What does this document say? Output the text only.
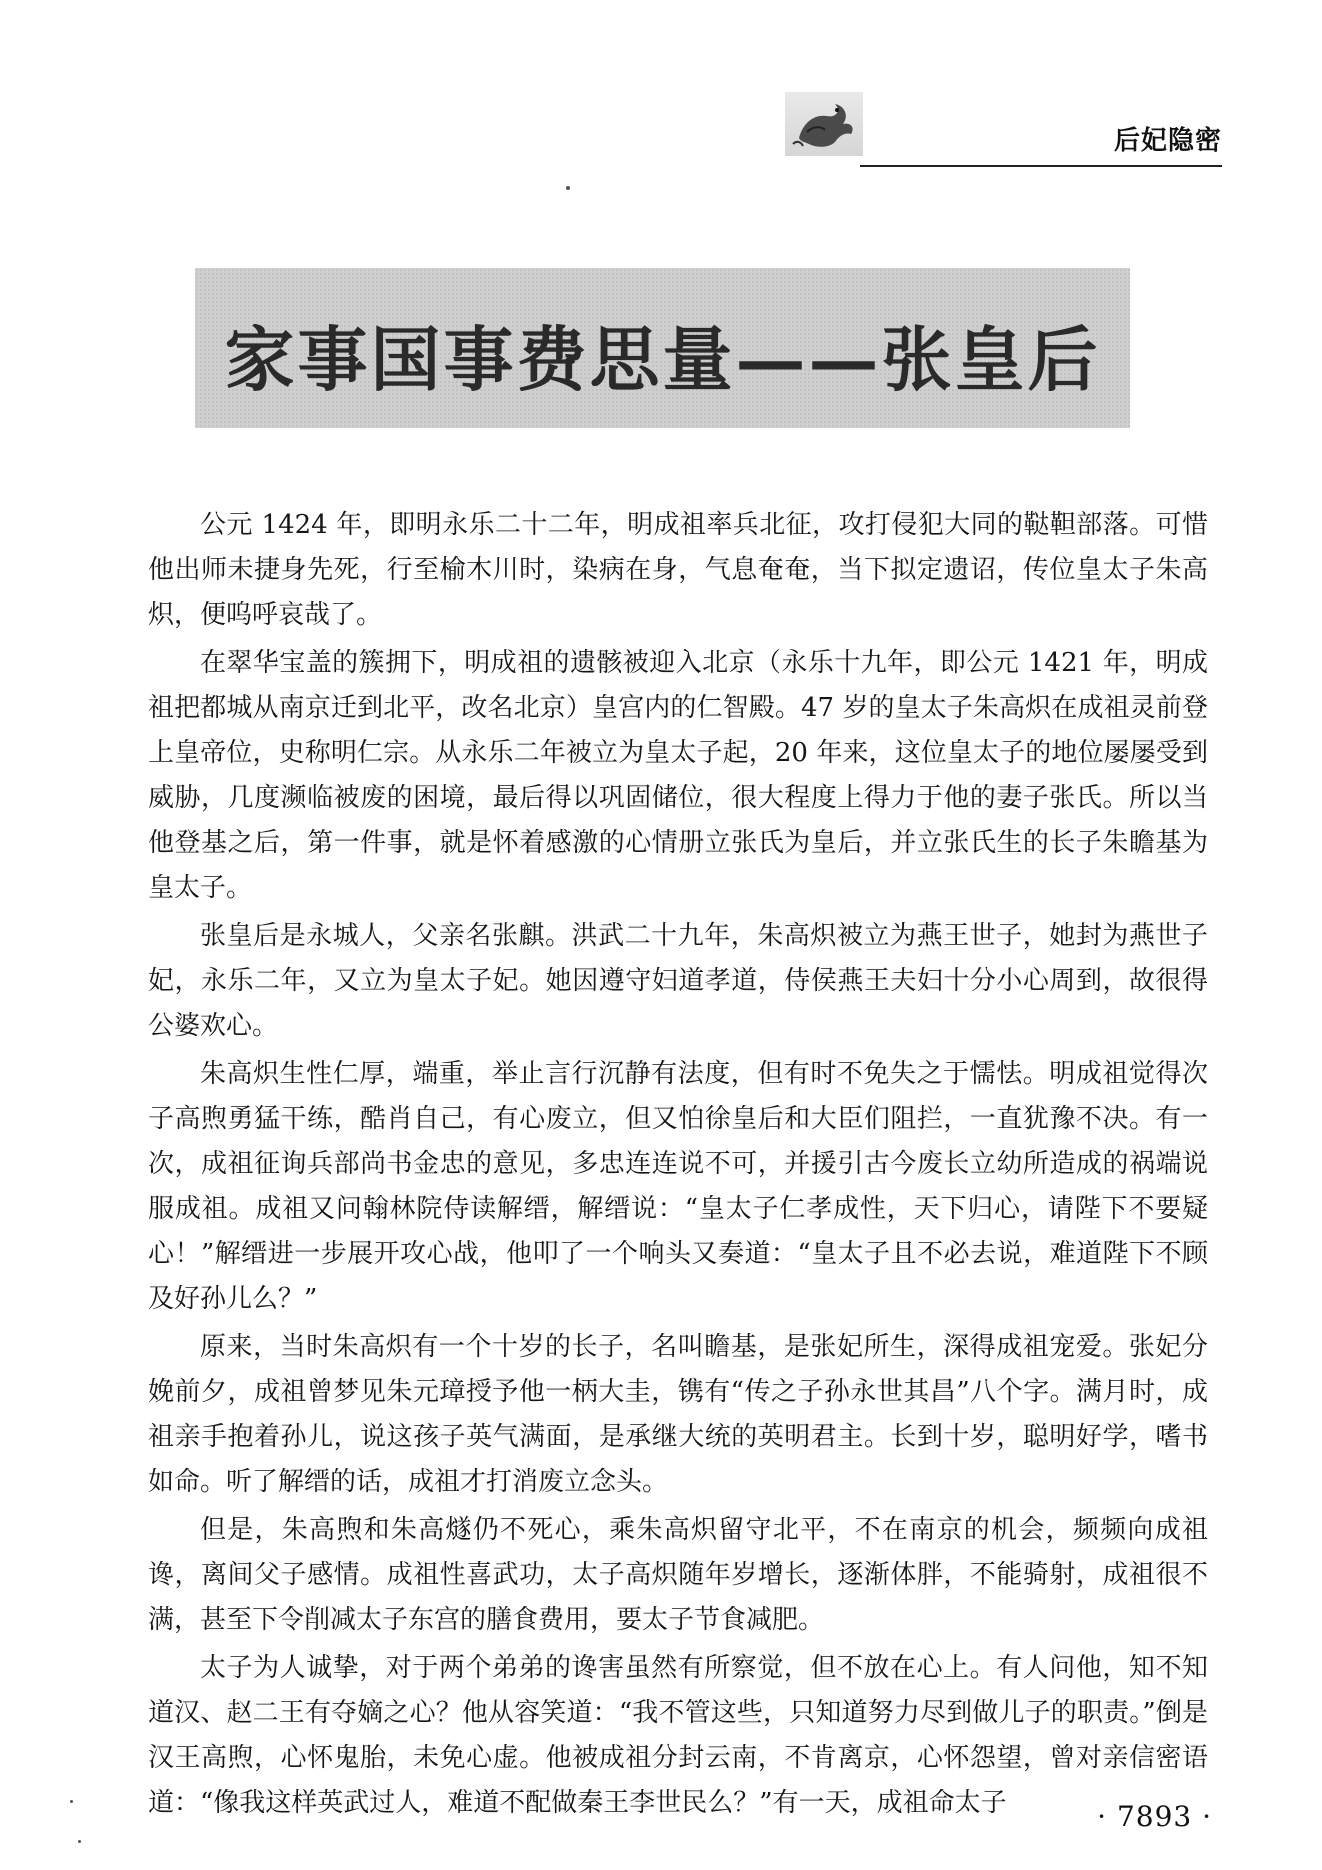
后妃隐密
家事国事费思量——张皇后

公元 1424 年，即明永乐二十二年，明成祖率兵北征，攻打侵犯大同的鞑靼部落。可惜他出师未捷身先死，行至榆木川时，染病在身，气息奄奄，当下拟定遗诏，传位皇太子朱高炽，便呜呼哀哉了。

在翠华宝盖的簇拥下，明成祖的遗骸被迎入北京（永乐十九年，即公元 1421 年，明成祖把都城从南京迁到北平，改名北京）皇宫内的仁智殿。47 岁的皇太子朱高炽在成祖灵前登上皇帝位，史称明仁宗。从永乐二年被立为皇太子起，20 年来，这位皇太子的地位屡屡受到威胁，几度濒临被废的困境，最后得以巩固储位，很大程度上得力于他的妻子张氏。所以当他登基之后，第一件事，就是怀着感激的心情册立张氏为皇后，并立张氏生的长子朱瞻基为皇太子。

张皇后是永城人，父亲名张麒。洪武二十九年，朱高炽被立为燕王世子，她封为燕世子妃，永乐二年，又立为皇太子妃。她因遵守妇道孝道，侍侯燕王夫妇十分小心周到，故很得公婆欢心。

朱高炽生性仁厚，端重，举止言行沉静有法度，但有时不免失之于懦怯。明成祖觉得次子高煦勇猛干练，酷肖自己，有心废立，但又怕徐皇后和大臣们阻拦，一直犹豫不决。有一次，成祖征询兵部尚书金忠的意见，多忠连连说不可，并援引古今废长立幼所造成的祸端说服成祖。成祖又问翰林院侍读解缙，解缙说：“皇太子仁孝成性，天下归心，请陛下不要疑心！”解缙进一步展开攻心战，他叩了一个响头又奏道：“皇太子且不必去说，难道陛下不顾及好孙儿么？”

原来，当时朱高炽有一个十岁的长子，名叫瞻基，是张妃所生，深得成祖宠爱。张妃分娩前夕，成祖曾梦见朱元璋授予他一柄大圭，镌有“传之子孙永世其昌”八个字。满月时，成祖亲手抱着孙儿，说这孩子英气满面，是承继大统的英明君主。长到十岁，聪明好学，嗜书如命。听了解缙的话，成祖才打消废立念头。

但是，朱高煦和朱高燧仍不死心，乘朱高炽留守北平，不在南京的机会，频频向成祖谗，离间父子感情。成祖性喜武功，太子高炽随年岁增长，逐渐体胖，不能骑射，成祖很不满，甚至下令削减太子东宫的膳食费用，要太子节食减肥。

太子为人诚挚，对于两个弟弟的谗害虽然有所察觉，但不放在心上。有人问他，知不知道汉、赵二王有夺嫡之心？他从容笑道：“我不管这些，只知道努力尽到做儿子的职责。”倒是汉王高煦，心怀鬼胎，未免心虚。他被成祖分封云南，不肯离京，心怀怨望，曾对亲信密语道：“像我这样英武过人，难道不配做秦王李世民么？”有一天，成祖命太子	· 7893 ·
